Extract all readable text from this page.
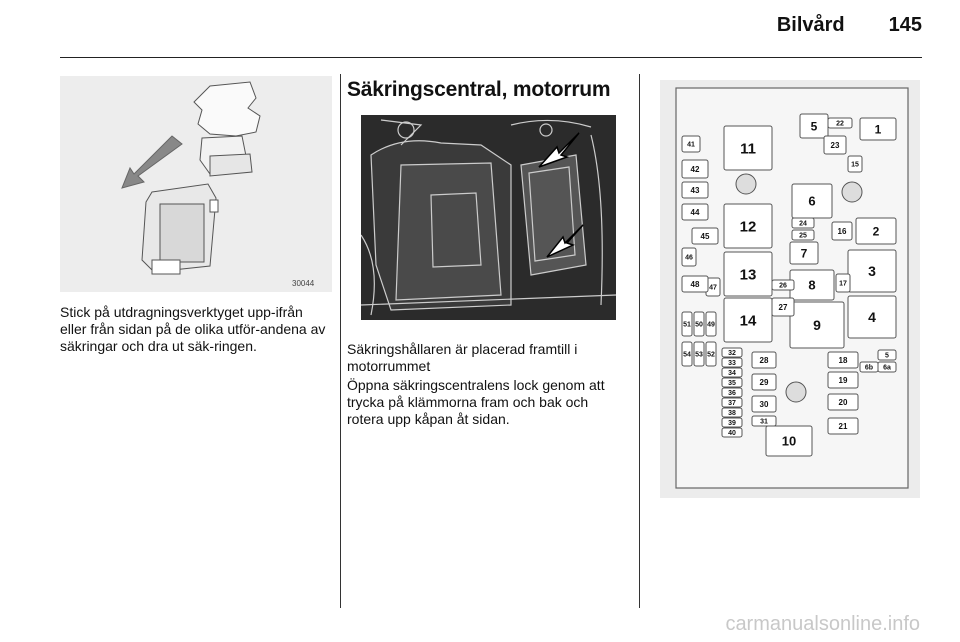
Bilvård 145
30044

Stick på utdragningsverktyget upp-ifrån eller från sidan på de olika utför-andena av säkringar och dra ut säk-ringen.

Säkringscentral, motorrum

Säkringshållaren är placerad framtill i motorrummet

Öppna säkringscentralens lock genom att trycka på klämmorna fram och bak och rotera upp kåpan åt sidan.

1
2
3
4
5
6
7
8
9
10
11
12
13
14
15
16
17
18
19
20
21
22
23
24
25
26
27
28
29
30
31
41
42
43
44
45
46
47
48
32
33
34
35
36
37
38
39
40
49
50
51
52
53
54	5
6b 6a
carmanualsonline.info
